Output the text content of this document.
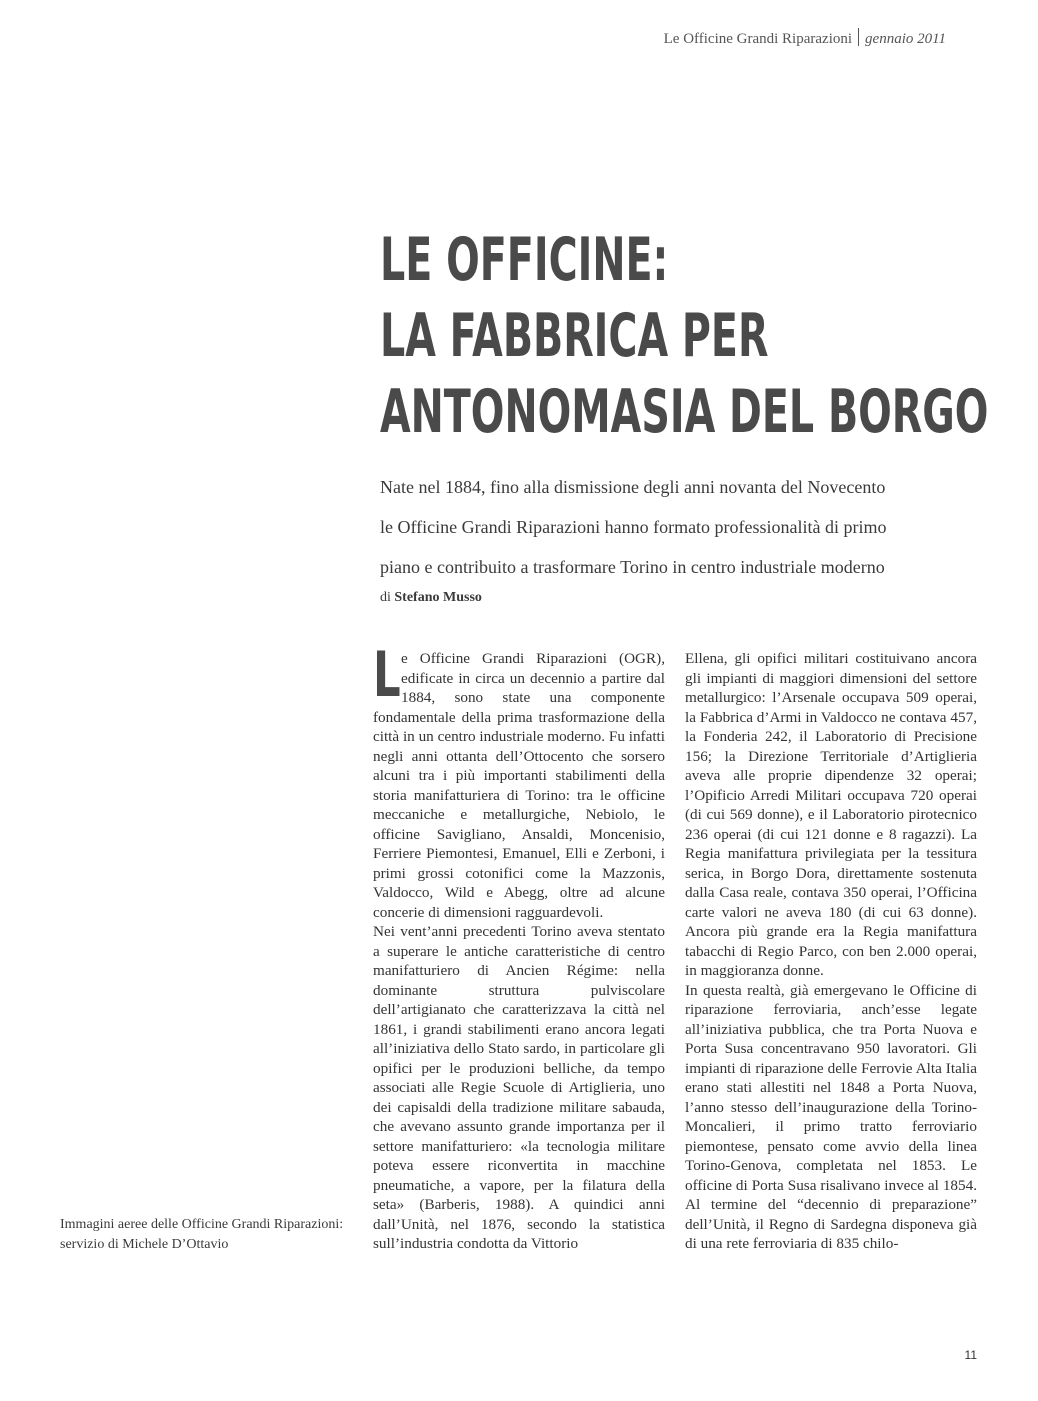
Le Officine Grandi Riparazioni gennaio 2011
LE OFFICINE:
LA FABBRICA PER
ANTONOMASIA DEL BORGO
Nate nel 1884, fino alla dismissione degli anni novanta del Novecento
le Officine Grandi Riparazioni hanno formato professionalità di primo
piano e contribuito a trasformare Torino in centro industriale moderno
di Stefano Musso

Le Officine Grandi Riparazioni (OGR), edificate in circa un decennio a partire dal 1884, sono state una componente fondamentale della prima trasformazione della città in un centro industriale moderno. Fu infatti negli anni ottanta dell’Ottocento che sorsero alcuni tra i più importanti stabilimenti della storia manifatturiera di Torino: tra le officine meccaniche e metallurgiche, Nebiolo, le officine Savigliano, Ansaldi, Moncenisio, Ferriere Piemontesi, Emanuel, Elli e Zerboni, i primi grossi cotonifici come la Mazzonis, Valdocco, Wild e Abegg, oltre ad alcune concerie di dimensioni ragguardevoli.

Nei vent’anni precedenti Torino aveva stentato a superare le antiche caratteristiche di centro manifatturiero di Ancien Régime: nella dominante struttura pulviscolare dell’artigianato che caratterizzava la città nel 1861, i grandi stabilimenti erano ancora legati all’iniziativa dello Stato sardo, in particolare gli opifici per le produzioni belliche, da tempo associati alle Regie Scuole di Artiglieria, uno dei capisaldi della tradizione militare sabauda, che avevano assunto grande importanza per il settore manifatturiero: «la tecnologia militare poteva essere riconvertita in macchine pneumatiche, a vapore, per la filatura della seta» (Barberis, 1988). A quindici anni dall’Unità, nel 1876, secondo la statistica sull’industria condotta da Vittorio

Ellena, gli opifici militari costituivano ancora gli impianti di maggiori dimensioni del settore metallurgico: l’Arsenale occupava 509 operai, la Fabbrica d’Armi in Valdocco ne contava 457, la Fonderia 242, il Laboratorio di Precisione 156; la Direzione Territoriale d’Artiglieria aveva alle proprie dipendenze 32 operai; l’Opificio Arredi Militari occupava 720 operai (di cui 569 donne), e il Laboratorio pirotecnico 236 operai (di cui 121 donne e 8 ragazzi). La Regia manifattura privilegiata per la tessitura serica, in Borgo Dora, direttamente sostenuta dalla Casa reale, contava 350 operai, l’Officina carte valori ne aveva 180 (di cui 63 donne). Ancora più grande era la Regia manifattura tabacchi di Regio Parco, con ben 2.000 operai, in maggioranza donne.

In questa realtà, già emergevano le Officine di riparazione ferroviaria, anch’esse legate all’iniziativa pubblica, che tra Porta Nuova e Porta Susa concentravano 950 lavoratori. Gli impianti di riparazione delle Ferrovie Alta Italia erano stati allestiti nel 1848 a Porta Nuova, l’anno stesso dell’inaugurazione della Torino-Moncalieri, il primo tratto ferroviario piemontese, pensato come avvio della linea Torino-Genova, completata nel 1853. Le officine di Porta Susa risalivano invece al 1854. Al termine del “decennio di preparazione” dell’Unità, il Regno di Sardegna disponeva già di una rete ferroviaria di 835 chilo-

Immagini aeree delle Officine Grandi Riparazioni:
servizio di Michele D’Ottavio
11
